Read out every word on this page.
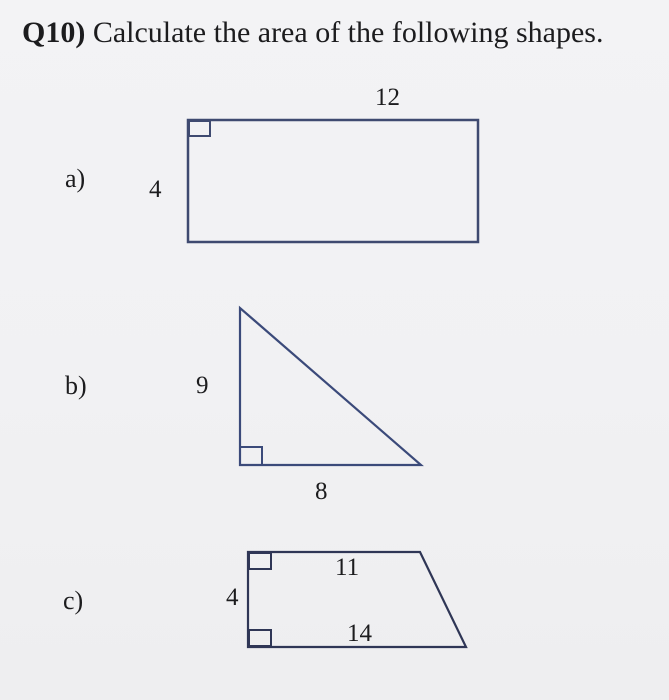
Q10) Calculate the area of the following shapes.
a)
12
4
b)	9
8
c)	4
11
14
